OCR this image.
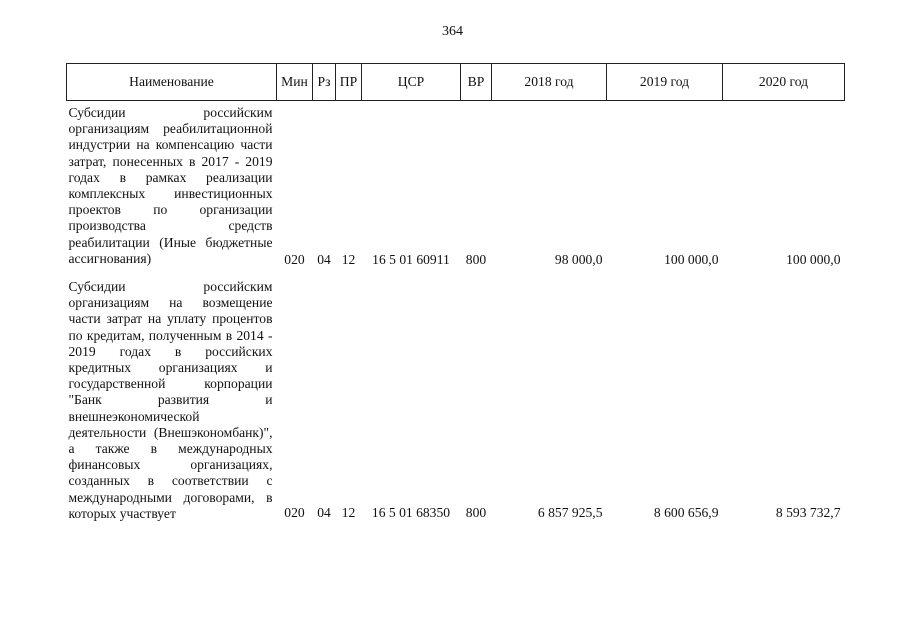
364
Наименование	Мин	Рз	ПР	ЦСР	ВР	2018 год	2019 год	2020 год
Субсидии российским организациям реабилитационной индустрии на компенсацию части затрат, понесенных в 2017 - 2019 годах в рамках реализации комплексных инвестиционных проектов по организации производства средств реабилитации (Иные бюджетные ассигнования)	020	04	12	16 5 01 60911	800	98 000,0	100 000,0	100 000,0
Субсидии российским организациям на возмещение части затрат на уплату процентов по кредитам, полученным в 2014 - 2019 годах в российских кредитных организациях и государственной корпорации "Банк развития и внешнеэкономической деятельности (Внешэкономбанк)", а также в международных финансовых организациях, созданных в соответствии с международными договорами, в которых участвует	020	04	12	16 5 01 68350	800	6 857 925,5	8 600 656,9	8 593 732,7
